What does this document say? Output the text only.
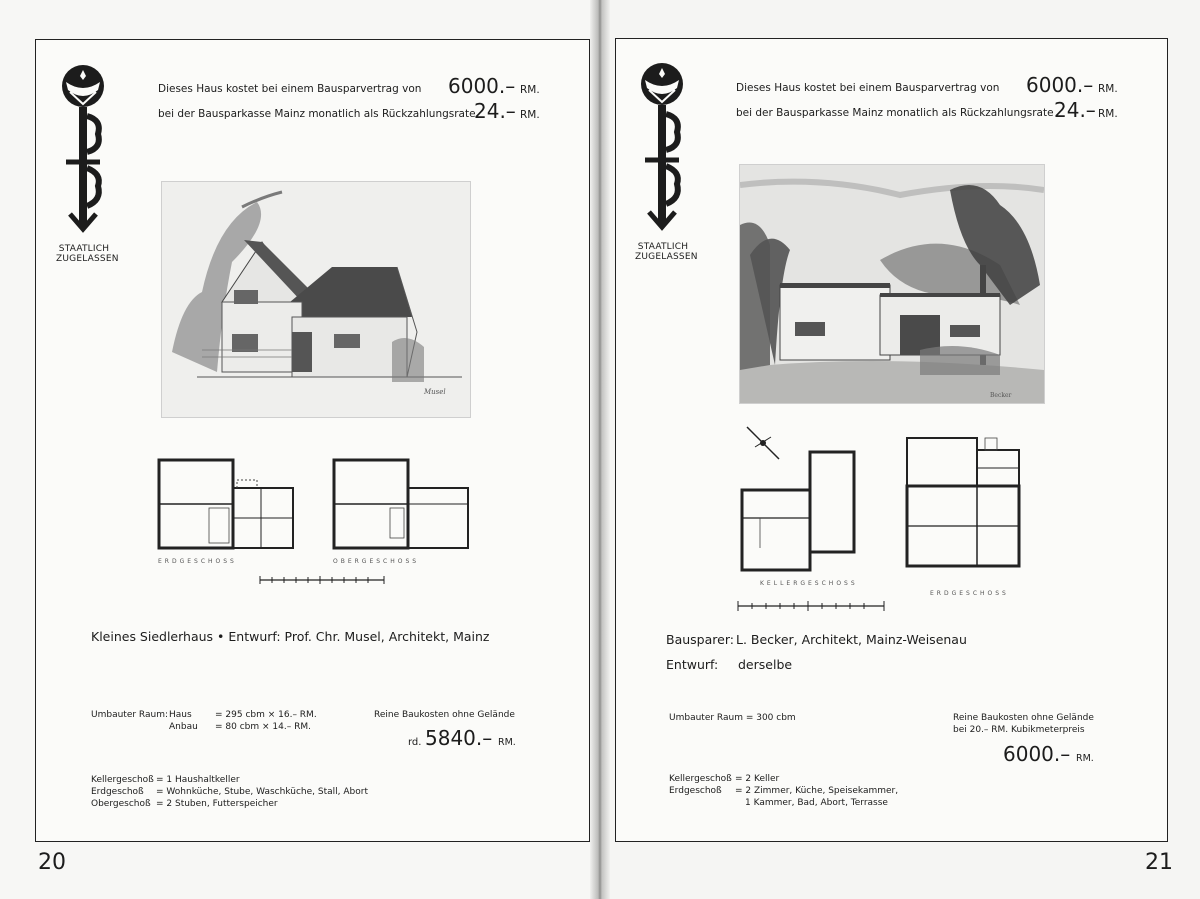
STAATLICH
ZUGELASSEN
Dieses Haus kostet bei einem Bausparvertrag von 6000.– RM.
bei der Bausparkasse Mainz monatlich als Rückzahlungsrate
24.– RM.
Musel
ERDGESCHOSS	OBERGESCHOSS
Kleines Siedlerhaus • Entwurf: Prof. Chr. Musel, Architekt, Mainz
Umbauter Raum: Haus	= 295 cbm × 16.– RM.
Anbau = 80 cbm × 14.– RM.
Reine Baukosten ohne Gelände
rd. 5840.– RM.
Kellergeschoß = 1 Haushaltkeller
Erdgeschoß = Wohnküche, Stube, Waschküche, Stall, Abort
Obergeschoß = 2 Stuben, Futterspeicher
20
STAATLICH
ZUGELASSEN
Dieses Haus kostet bei einem Bausparvertrag von 6000.– RM.
bei der Bausparkasse Mainz monatlich als Rückzahlungsrate 24.– RM.
Becker
KELLERGESCHOSS
ERDGESCHOSS
Bausparer: L. Becker, Architekt, Mainz-Weisenau
Entwurf: derselbe
Umbauter Raum = 300 cbm	Reine Baukosten ohne Gelände
bei 20.– RM. Kubikmeterpreis
6000.– RM.
Kellergeschoß = 2 Keller
Erdgeschoß = 2 Zimmer, Küche, Speisekammer,
1 Kammer, Bad, Abort, Terrasse
21
